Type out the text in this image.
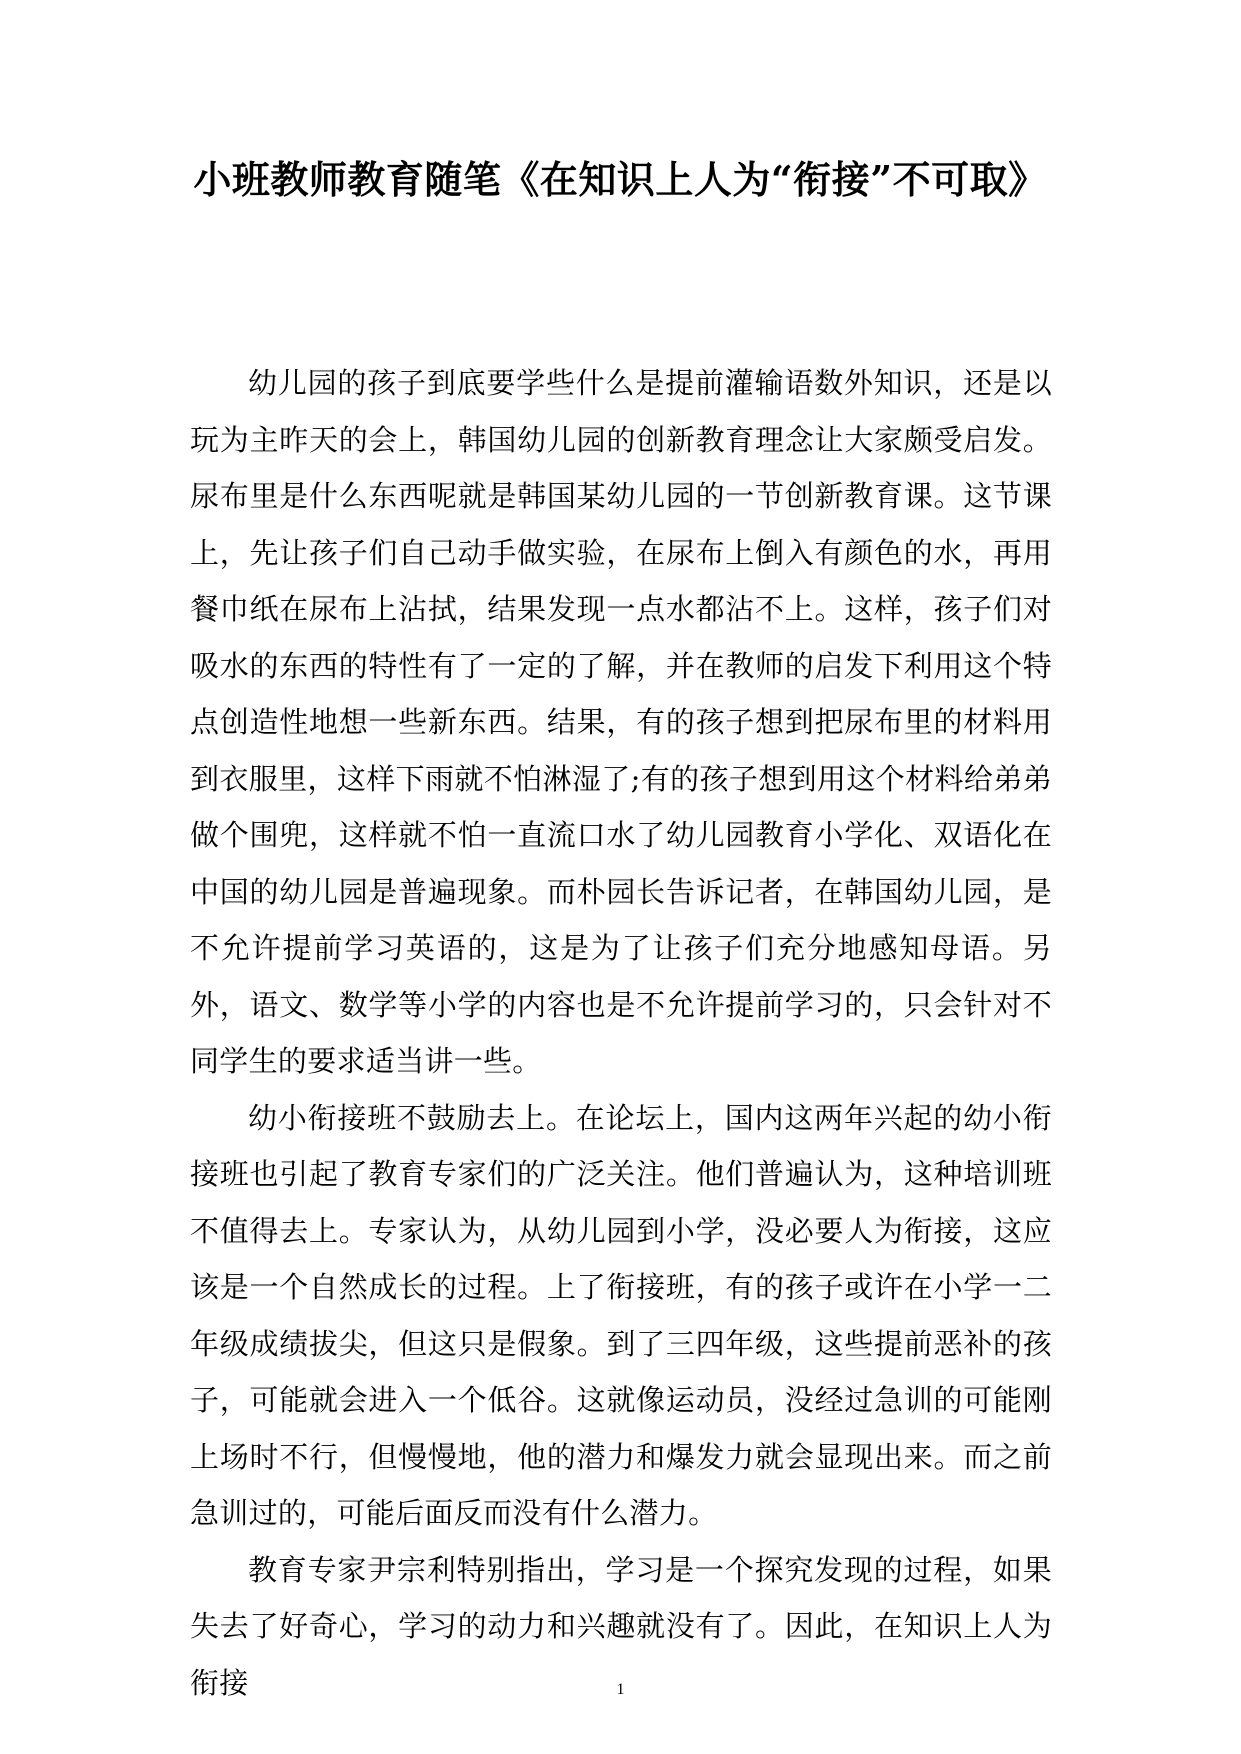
小班教师教育随笔《在知识上人为“衔接”不可取》

幼儿园的孩子到底要学些什么是提前灌输语数外知识，还是以玩为主昨天的会上，韩国幼儿园的创新教育理念让大家颇受启发。尿布里是什么东西呢就是韩国某幼儿园的一节创新教育课。这节课上，先让孩子们自己动手做实验，在尿布上倒入有颜色的水，再用餐巾纸在尿布上沾拭，结果发现一点水都沾不上。这样，孩子们对吸水的东西的特性有了一定的了解，并在教师的启发下利用这个特点创造性地想一些新东西。结果，有的孩子想到把尿布里的材料用到衣服里，这样下雨就不怕淋湿了;有的孩子想到用这个材料给弟弟做个围兜，这样就不怕一直流口水了幼儿园教育小学化、双语化在中国的幼儿园是普遍现象。而朴园长告诉记者，在韩国幼儿园，是不允许提前学习英语的，这是为了让孩子们充分地感知母语。另外，语文、数学等小学的内容也是不允许提前学习的，只会针对不同学生的要求适当讲一些。

幼小衔接班不鼓励去上。在论坛上，国内这两年兴起的幼小衔接班也引起了教育专家们的广泛关注。他们普遍认为，这种培训班不值得去上。专家认为，从幼儿园到小学，没必要人为衔接，这应该是一个自然成长的过程。上了衔接班，有的孩子或许在小学一二年级成绩拔尖，但这只是假象。到了三四年级，这些提前恶补的孩子，可能就会进入一个低谷。这就像运动员，没经过急训的可能刚上场时不行，但慢慢地，他的潜力和爆发力就会显现出来。而之前急训过的，可能后面反而没有什么潜力。

教育专家尹宗利特别指出，学习是一个探究发现的过程，如果失去了好奇心，学习的动力和兴趣就没有了。因此，在知识上人为衔接	1
